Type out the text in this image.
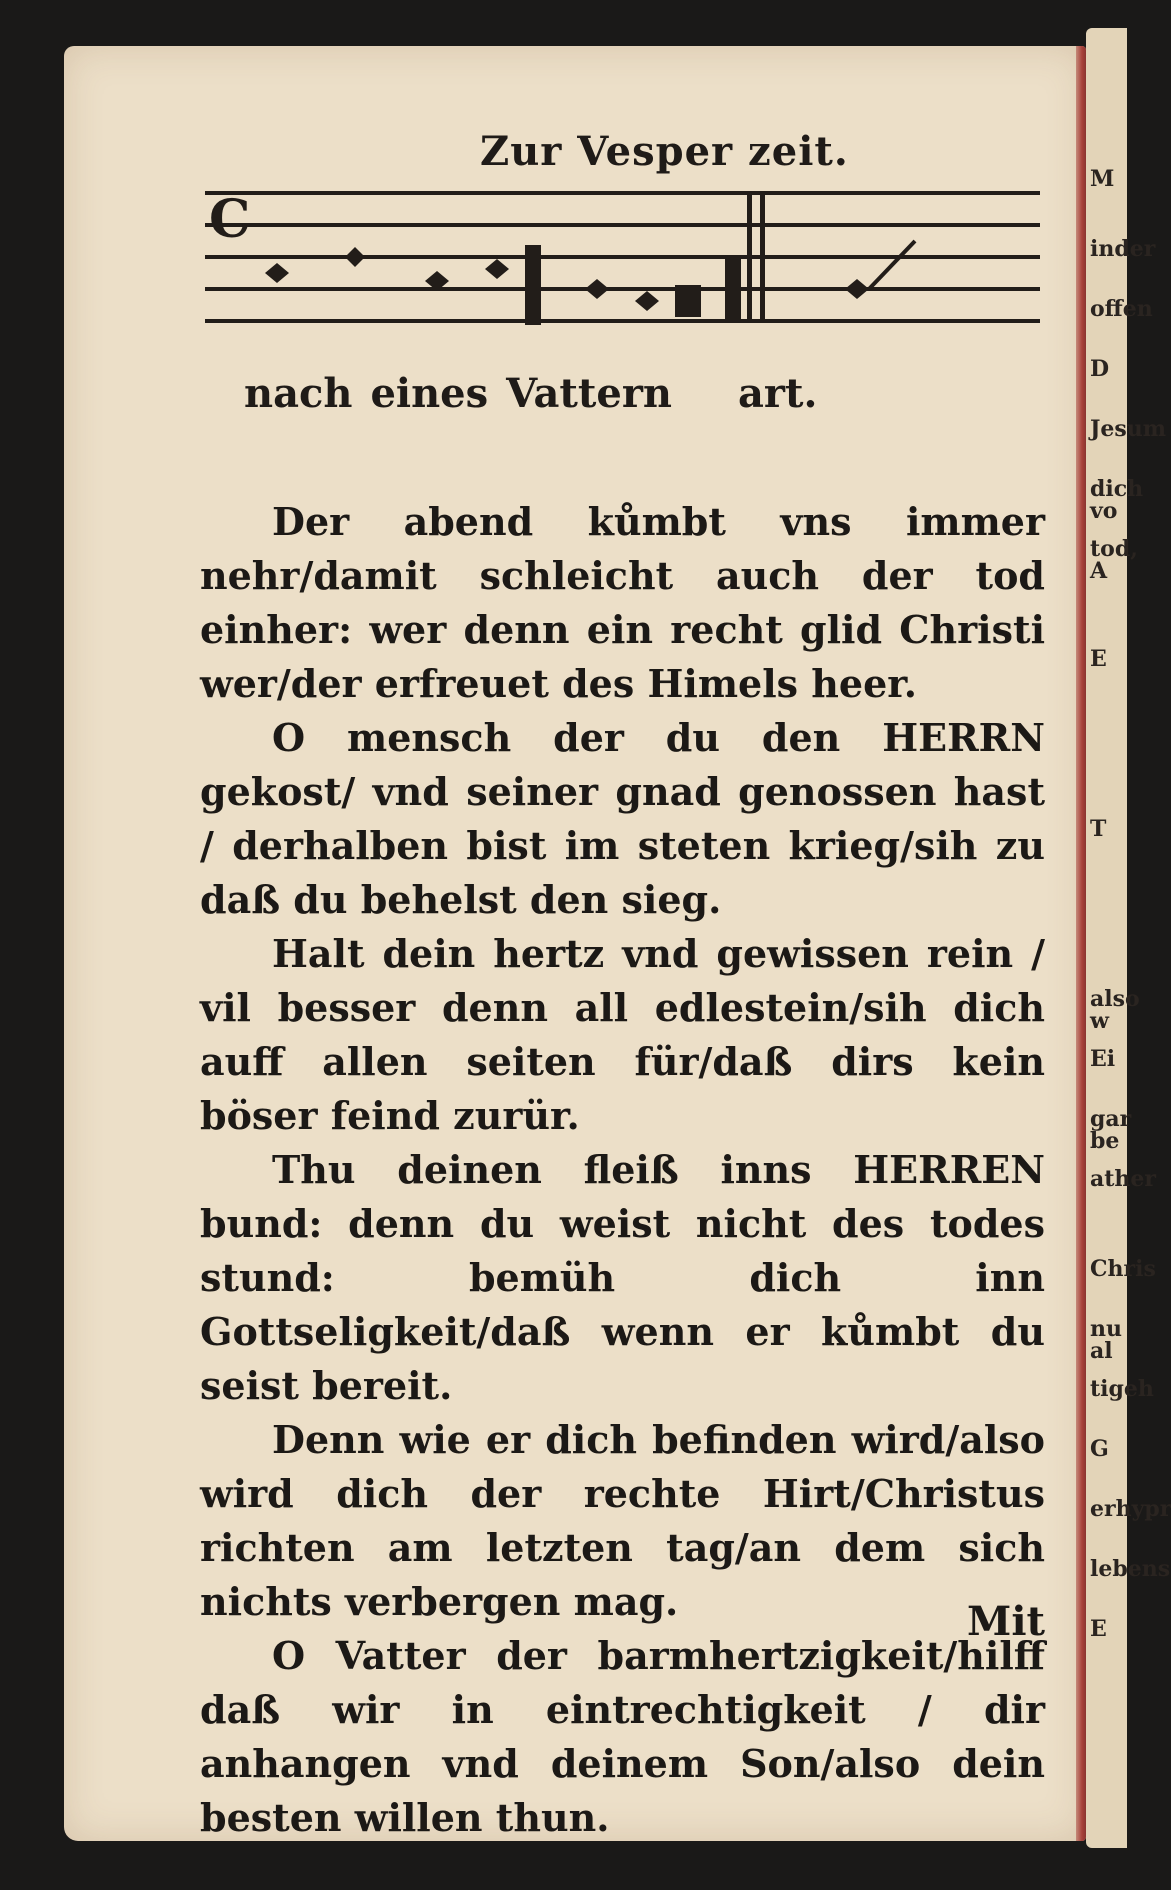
Zur Vesper zeit.
C
nach eines Vattern art.

Der abend kůmbt vns immer nehr/damit schleicht auch der tod einher: wer denn ein recht glid Christi wer/der erfreuet des Himels heer.

O mensch der du den HERRN gekost/ vnd seiner gnad genossen hast / derhalben bist im steten krieg/sih zu daß du behelst den sieg.

Halt dein hertz vnd gewissen rein / vil besser denn all edlestein/sih dich auff allen seiten für/daß dirs kein böser feind zurür.

Thu deinen fleiß inns HERREN bund: denn du weist nicht des todes stund: bemüh dich inn Gottseligkeit/daß wenn er kůmbt du seist bereit.

Denn wie er dich befinden wird/also wird dich der rechte Hirt/Christus richten am letzten tag/an dem sich nichts verbergen mag.

O Vatter der barmhertzigkeit/hilff daß wir in eintrechtigkeit / dir anhangen vnd deinem Son/also dein besten willen thun.

Mit
M
inder
offen
D
Jesum
dich vo
tod, A
E
T
also w
Ei
gar be
ather
Chris
nu al
tigeh
G
erhypr
lebens
E
